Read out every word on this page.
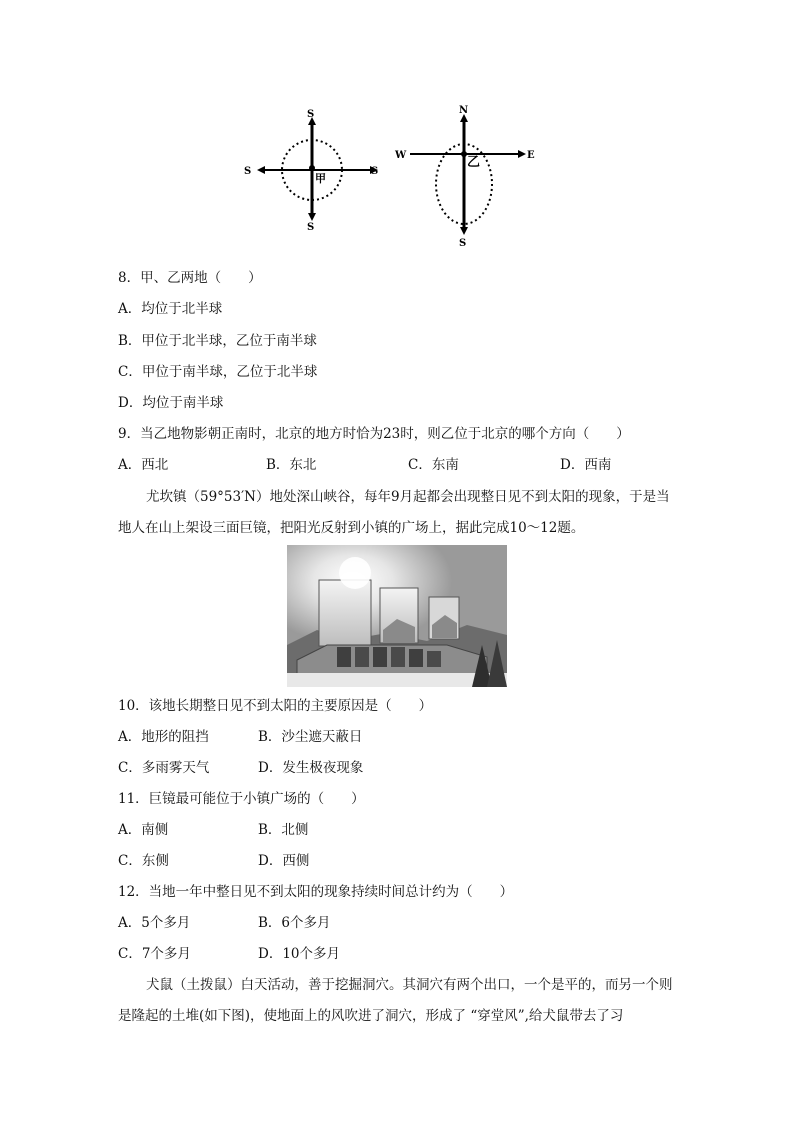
S
S
S	S
甲
N
S
W	E
乙
8．甲、乙两地（　　）
A．均位于北半球
B．甲位于北半球，乙位于南半球
C．甲位于南半球，乙位于北半球
D．均位于南半球
9．当乙地物影朝正南时，北京的地方时恰为23时，则乙位于北京的哪个方向（　　）
A．西北	B．东北	C．东南	D．西南
尤坎镇（59°53′N）地处深山峡谷，每年9月起都会出现整日见不到太阳的现象，于是当地人在山上架设三面巨镜，把阳光反射到小镇的广场上，据此完成10～12题。
10．该地长期整日见不到太阳的主要原因是（　　）
A．地形的阻挡	B．沙尘遮天蔽日
C．多雨雾天气	D．发生极夜现象
11．巨镜最可能位于小镇广场的（　　）
A．南侧	B．北侧
C．东侧	D．西侧
12．当地一年中整日见不到太阳的现象持续时间总计约为（　　）
A．5个多月	B．6个多月
C．7个多月	D．10个多月
犬鼠（土拨鼠）白天活动，善于挖掘洞穴。其洞穴有两个出口，一个是平的，而另一个则是隆起的土堆(如下图)，使地面上的风吹进了洞穴，形成了 “穿堂风”,给犬鼠带去了习
